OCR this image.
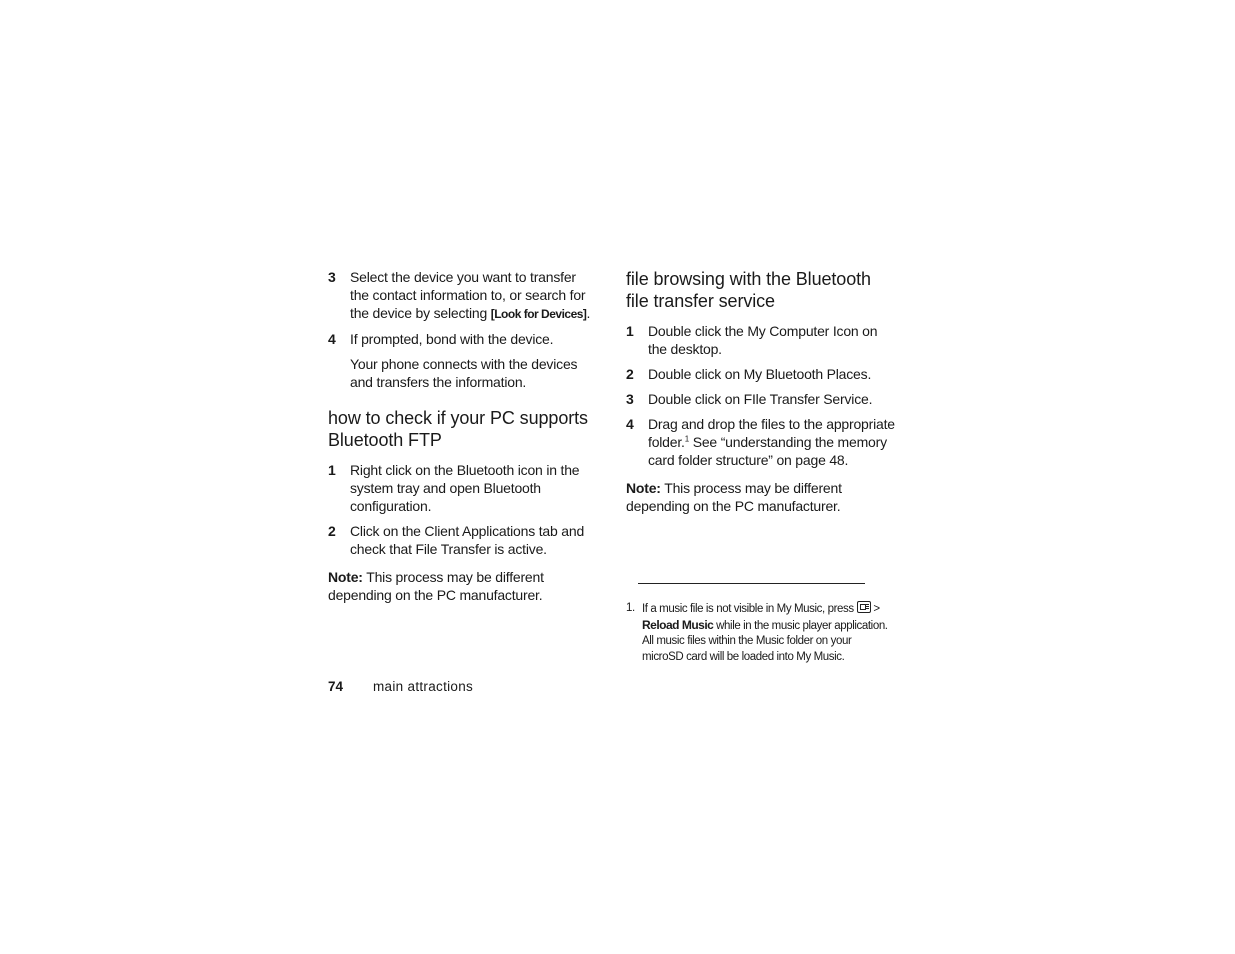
3 Select the device you want to transfer the contact information to, or search for the device by selecting [Look for Devices].
4 If prompted, bond with the device.
Your phone connects with the devices and transfers the information.
how to check if your PC supports Bluetooth FTP
1 Right click on the Bluetooth icon in the system tray and open Bluetooth configuration.
2 Click on the Client Applications tab and check that File Transfer is active.
Note: This process may be different depending on the PC manufacturer.
file browsing with the Bluetooth file transfer service
1 Double click the My Computer Icon on the desktop.
2 Double click on My Bluetooth Places.
3 Double click on FIle Transfer Service.
4 Drag and drop the files to the appropriate folder.$^1$ See “understanding the memory card folder structure” on page 48.
Note: This process may be different depending on the PC manufacturer.
1. If a music file is not visible in My Music, press  > Reload Music while in the music player application. All music files within the Music folder on your microSD card will be loaded into My Music.
74 main attractions
